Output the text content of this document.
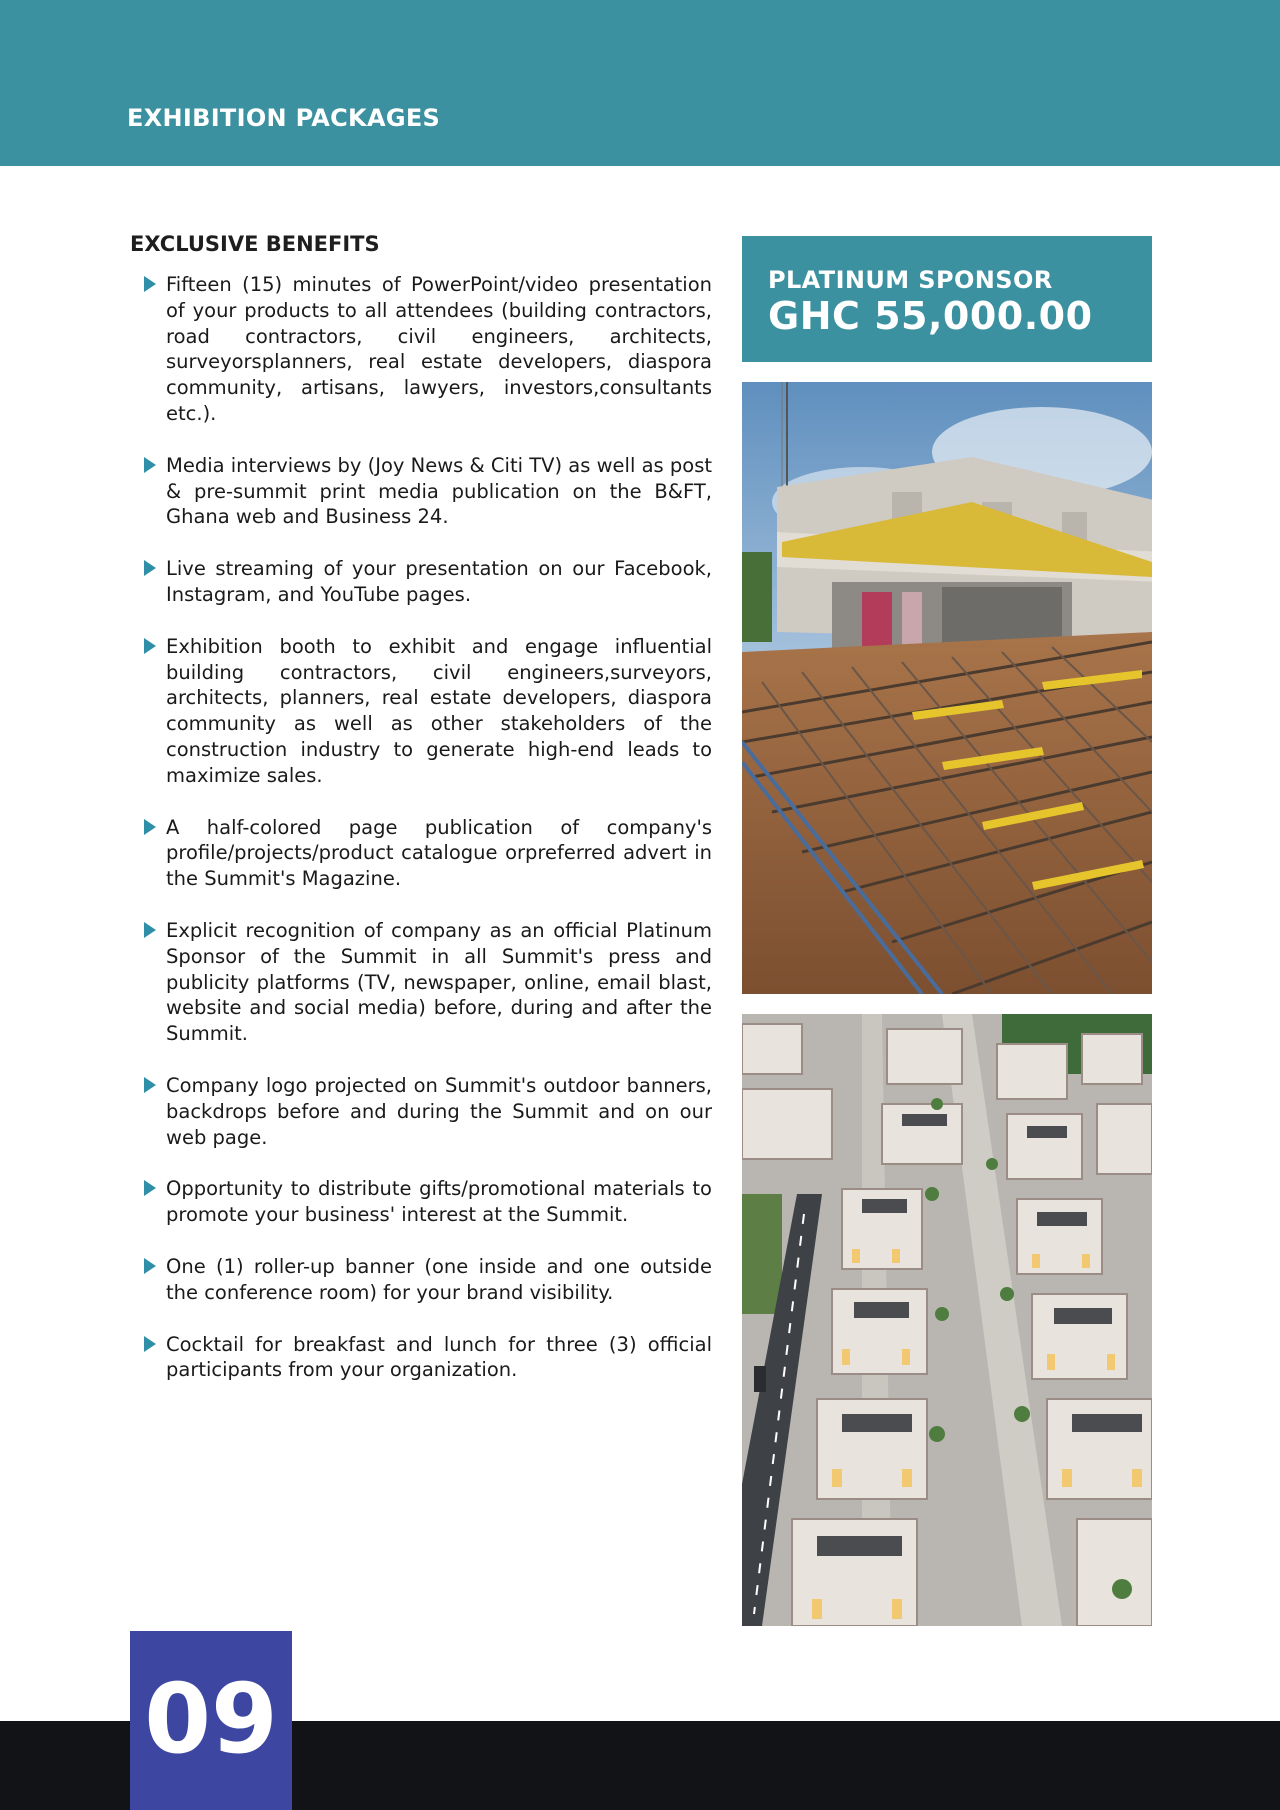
EXHIBITION PACKAGES
EXCLUSIVE BENEFITS
Fifteen (15) minutes of PowerPoint/video presentation of your products to all attendees (building contractors, road contractors, civil engineers, architects, surveyorsplanners, real estate developers, diaspora community, artisans, lawyers, investors,consultants etc.).
Media interviews by (Joy News & Citi TV) as well as post & pre-summit print media publication on the B&FT, Ghana web and Business 24.
Live streaming of your presentation on our Facebook, Instagram, and YouTube pages.
Exhibition booth to exhibit and engage influential building contractors, civil engineers,surveyors, architects, planners, real estate developers, diaspora community as well as other stakeholders of the construction industry to generate high-end leads to maximize sales.
A half-colored page publication of company's profile/projects/product catalogue orpreferred advert in the Summit's Magazine.
Explicit recognition of company as an official Platinum Sponsor of the Summit in all Summit's press and publicity platforms (TV, newspaper, online, email blast, website and social media) before, during and after the Summit.
Company logo projected on Summit's outdoor banners, backdrops before and during the Summit and on our web page.
Opportunity to distribute gifts/promotional materials to promote your business' interest at the Summit.
One (1) roller-up banner (one inside and one outside the conference room) for your brand visibility.
Cocktail for breakfast and lunch for three (3) official participants from your organization.
PLATINUM SPONSOR
GHC 55,000.00
09
